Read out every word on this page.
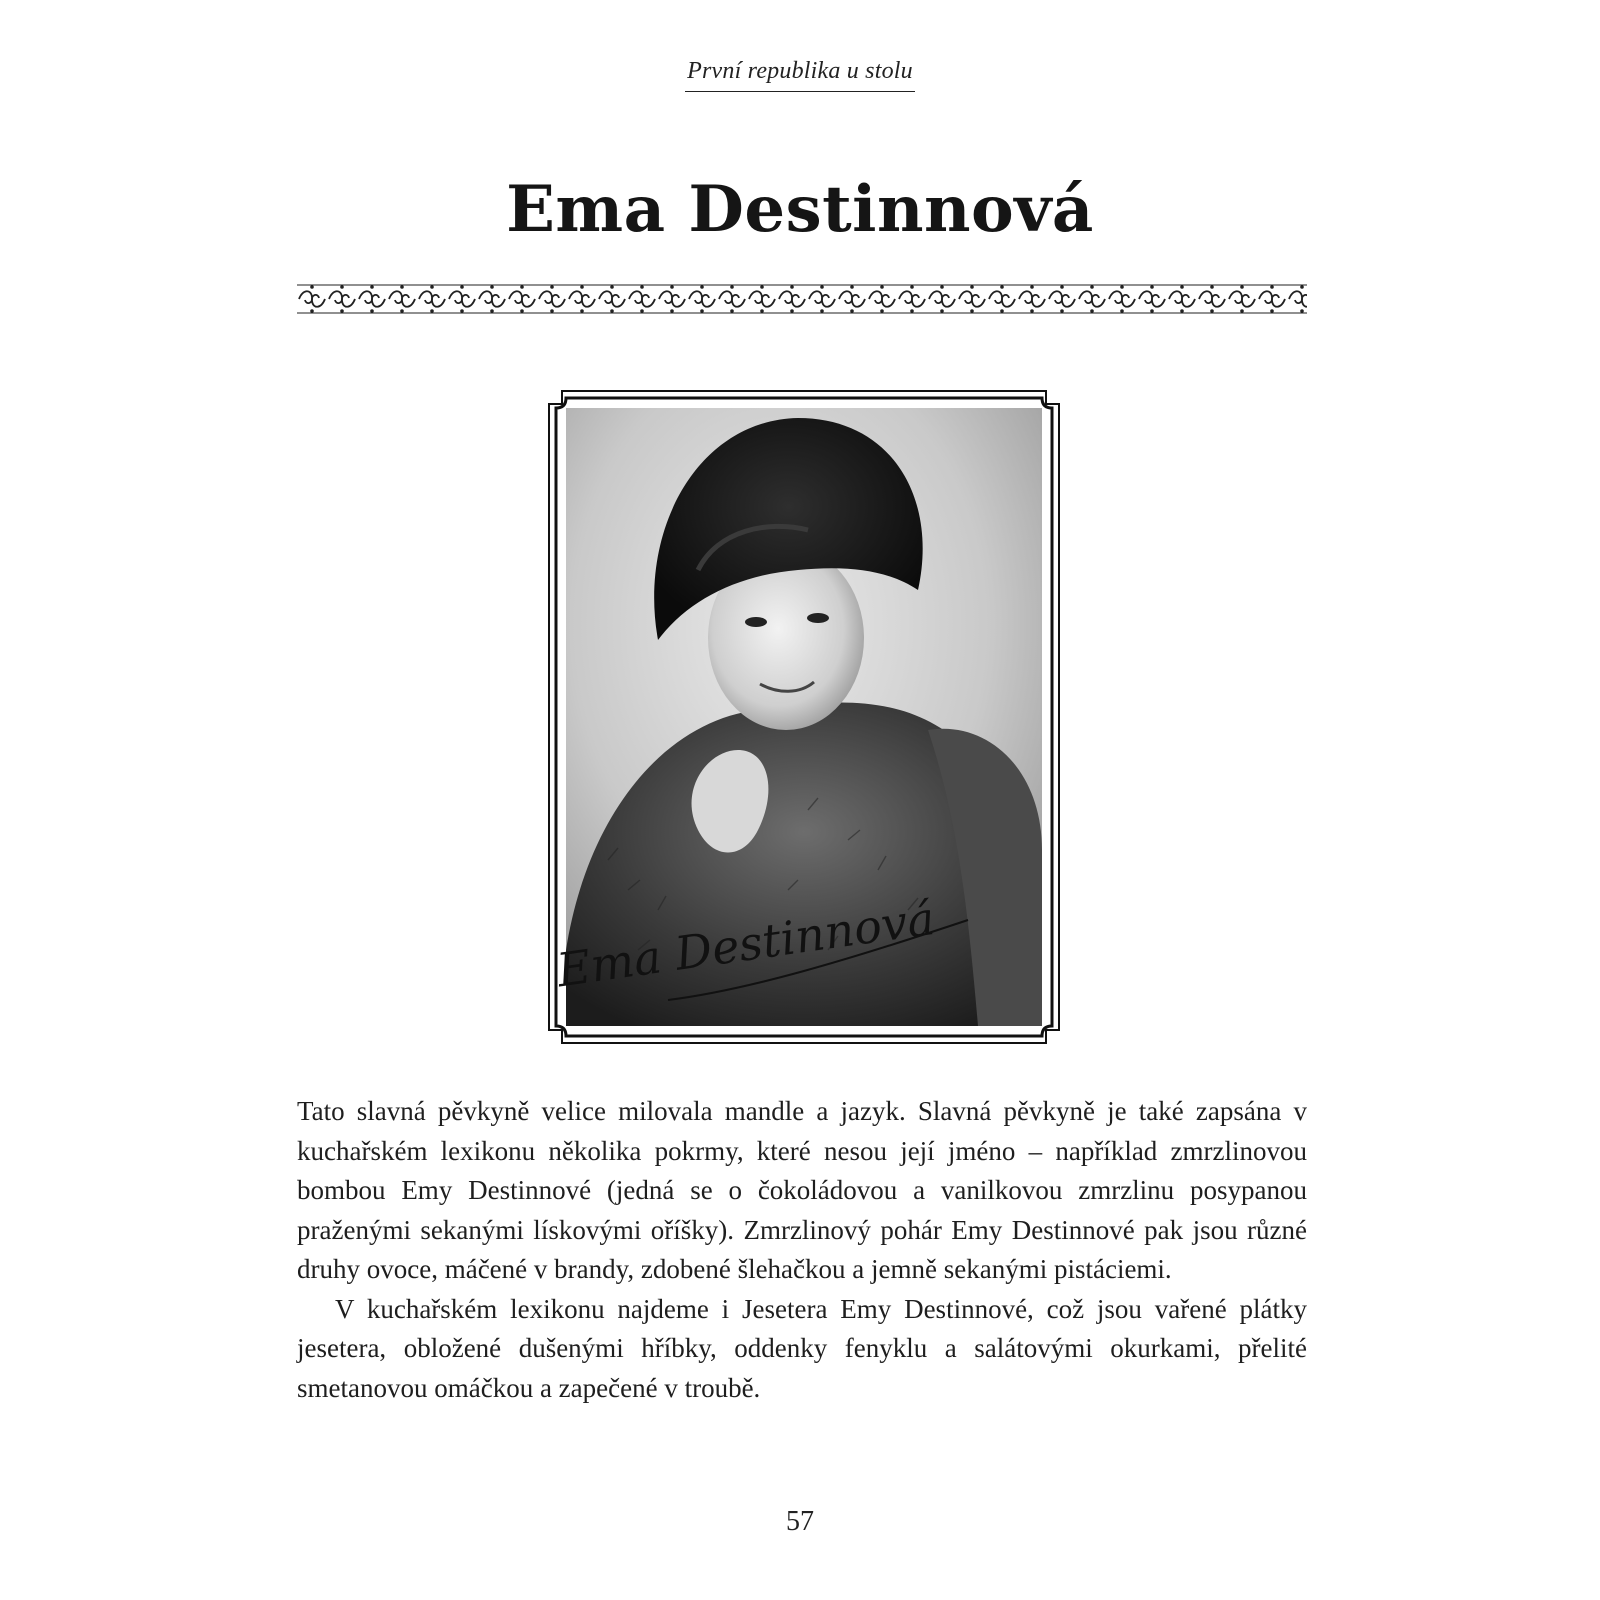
První republika u stolu
Ema Destinnová
Ema Destinnová

Tato slavná pěvkyně velice milovala mandle a jazyk. Slavná pěvkyně je také zapsána v kuchařském lexikonu několika pokrmy, které nesou její jméno – například zmrzlinovou bombou Emy Destinnové (jedná se o čokoládovou a vanilkovou zmrzlinu posypanou praženými sekanými lískovými oříšky). Zmrzlinový pohár Emy Destinnové pak jsou různé druhy ovoce, máčené v brandy, zdobené šlehačkou a jemně sekanými pistáciemi.

V kuchařském lexikonu najdeme i Jesetera Emy Destinnové, což jsou vařené plátky jesetera, obložené dušenými hříbky, oddenky fenyklu a salátovými okurkami, přelité smetanovou omáčkou a zapečené v troubě.

57
